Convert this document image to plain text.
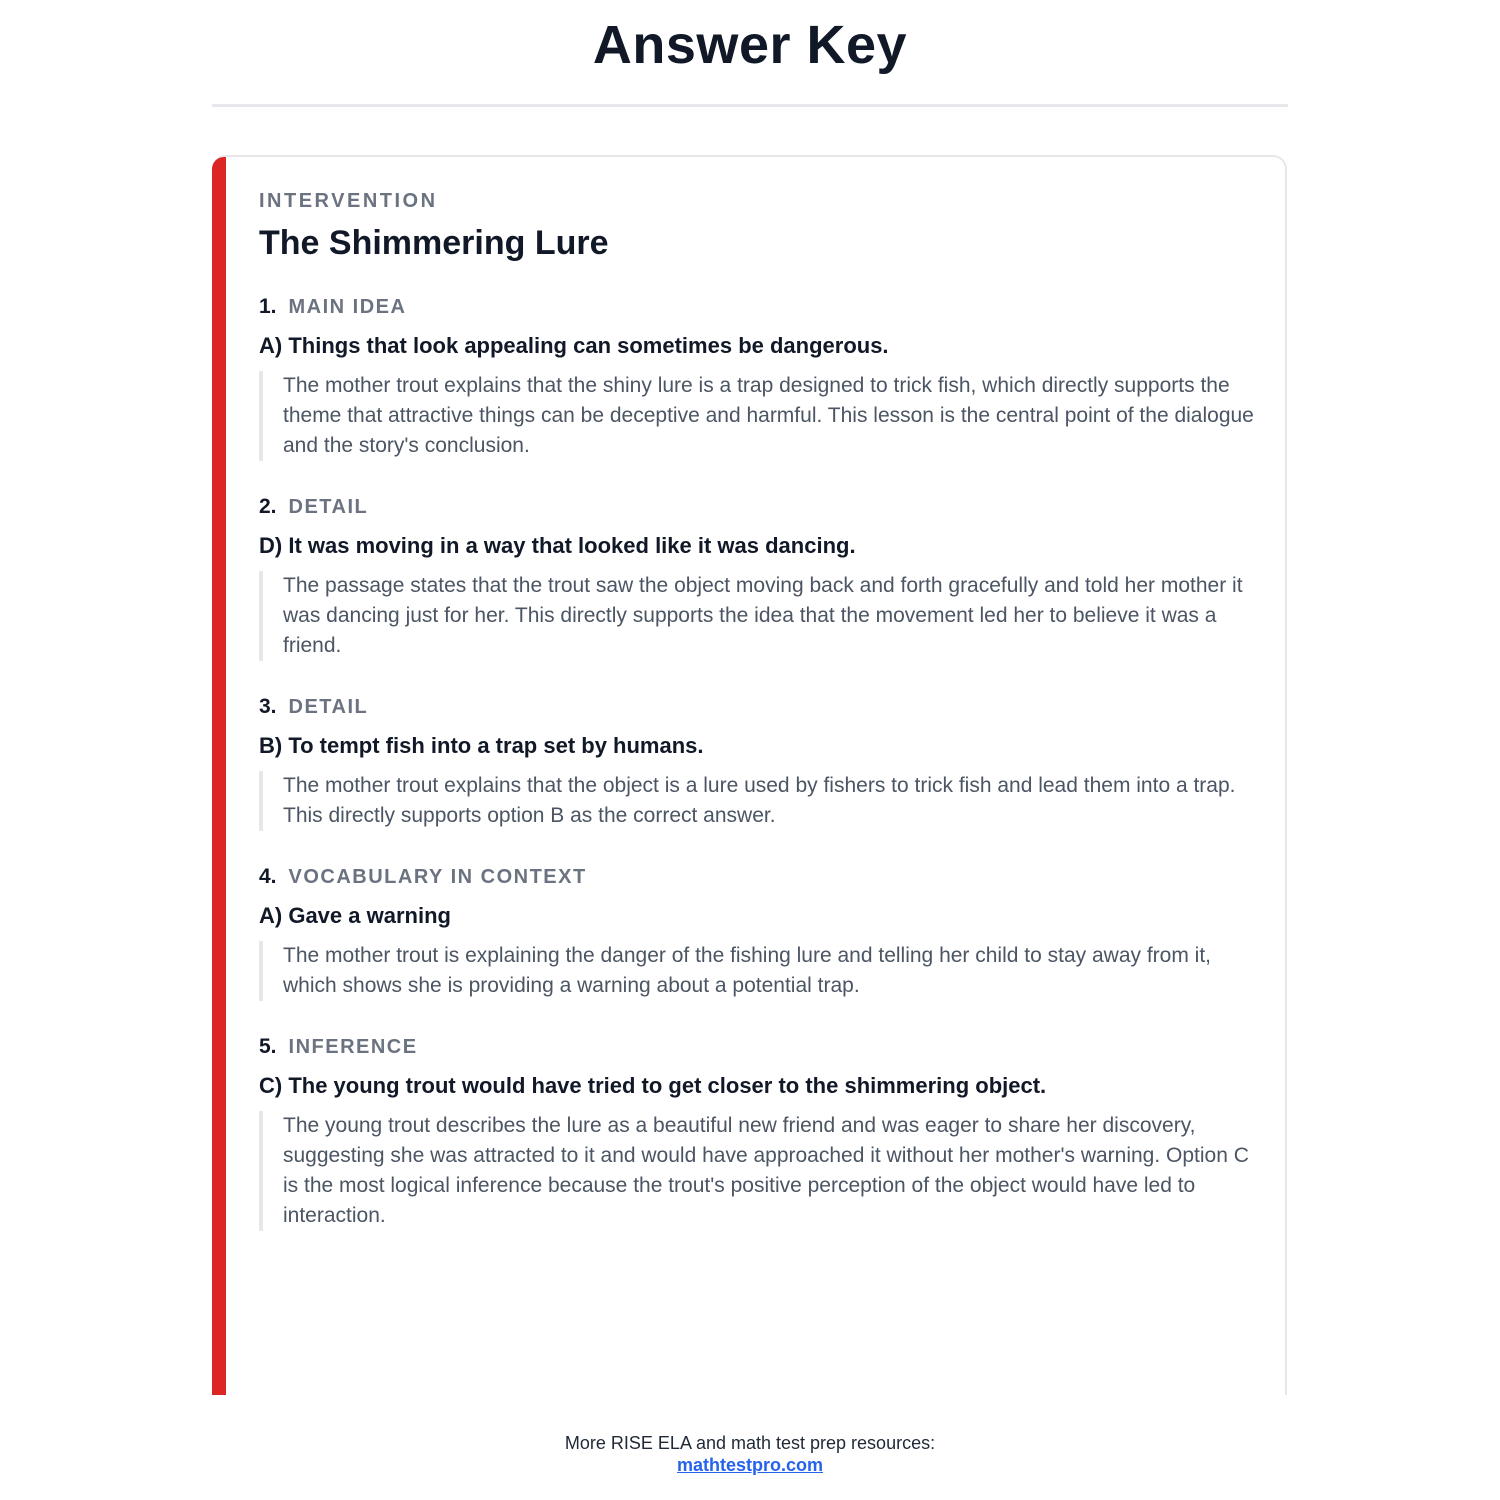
Answer Key
INTERVENTION
The Shimmering Lure
1. MAIN IDEA
A) Things that look appealing can sometimes be dangerous.
The mother trout explains that the shiny lure is a trap designed to trick fish, which directly supports the theme that attractive things can be deceptive and harmful. This lesson is the central point of the dialogue and the story's conclusion.
2. DETAIL
D) It was moving in a way that looked like it was dancing.
The passage states that the trout saw the object moving back and forth gracefully and told her mother it was dancing just for her. This directly supports the idea that the movement led her to believe it was a friend.
3. DETAIL
B) To tempt fish into a trap set by humans.
The mother trout explains that the object is a lure used by fishers to trick fish and lead them into a trap. This directly supports option B as the correct answer.
4. VOCABULARY IN CONTEXT
A) Gave a warning
The mother trout is explaining the danger of the fishing lure and telling her child to stay away from it, which shows she is providing a warning about a potential trap.
5. INFERENCE
C) The young trout would have tried to get closer to the shimmering object.
The young trout describes the lure as a beautiful new friend and was eager to share her discovery, suggesting she was attracted to it and would have approached it without her mother's warning. Option C is the most logical inference because the trout's positive perception of the object would have led to interaction.
More RISE ELA and math test prep resources:
mathtestpro.com
